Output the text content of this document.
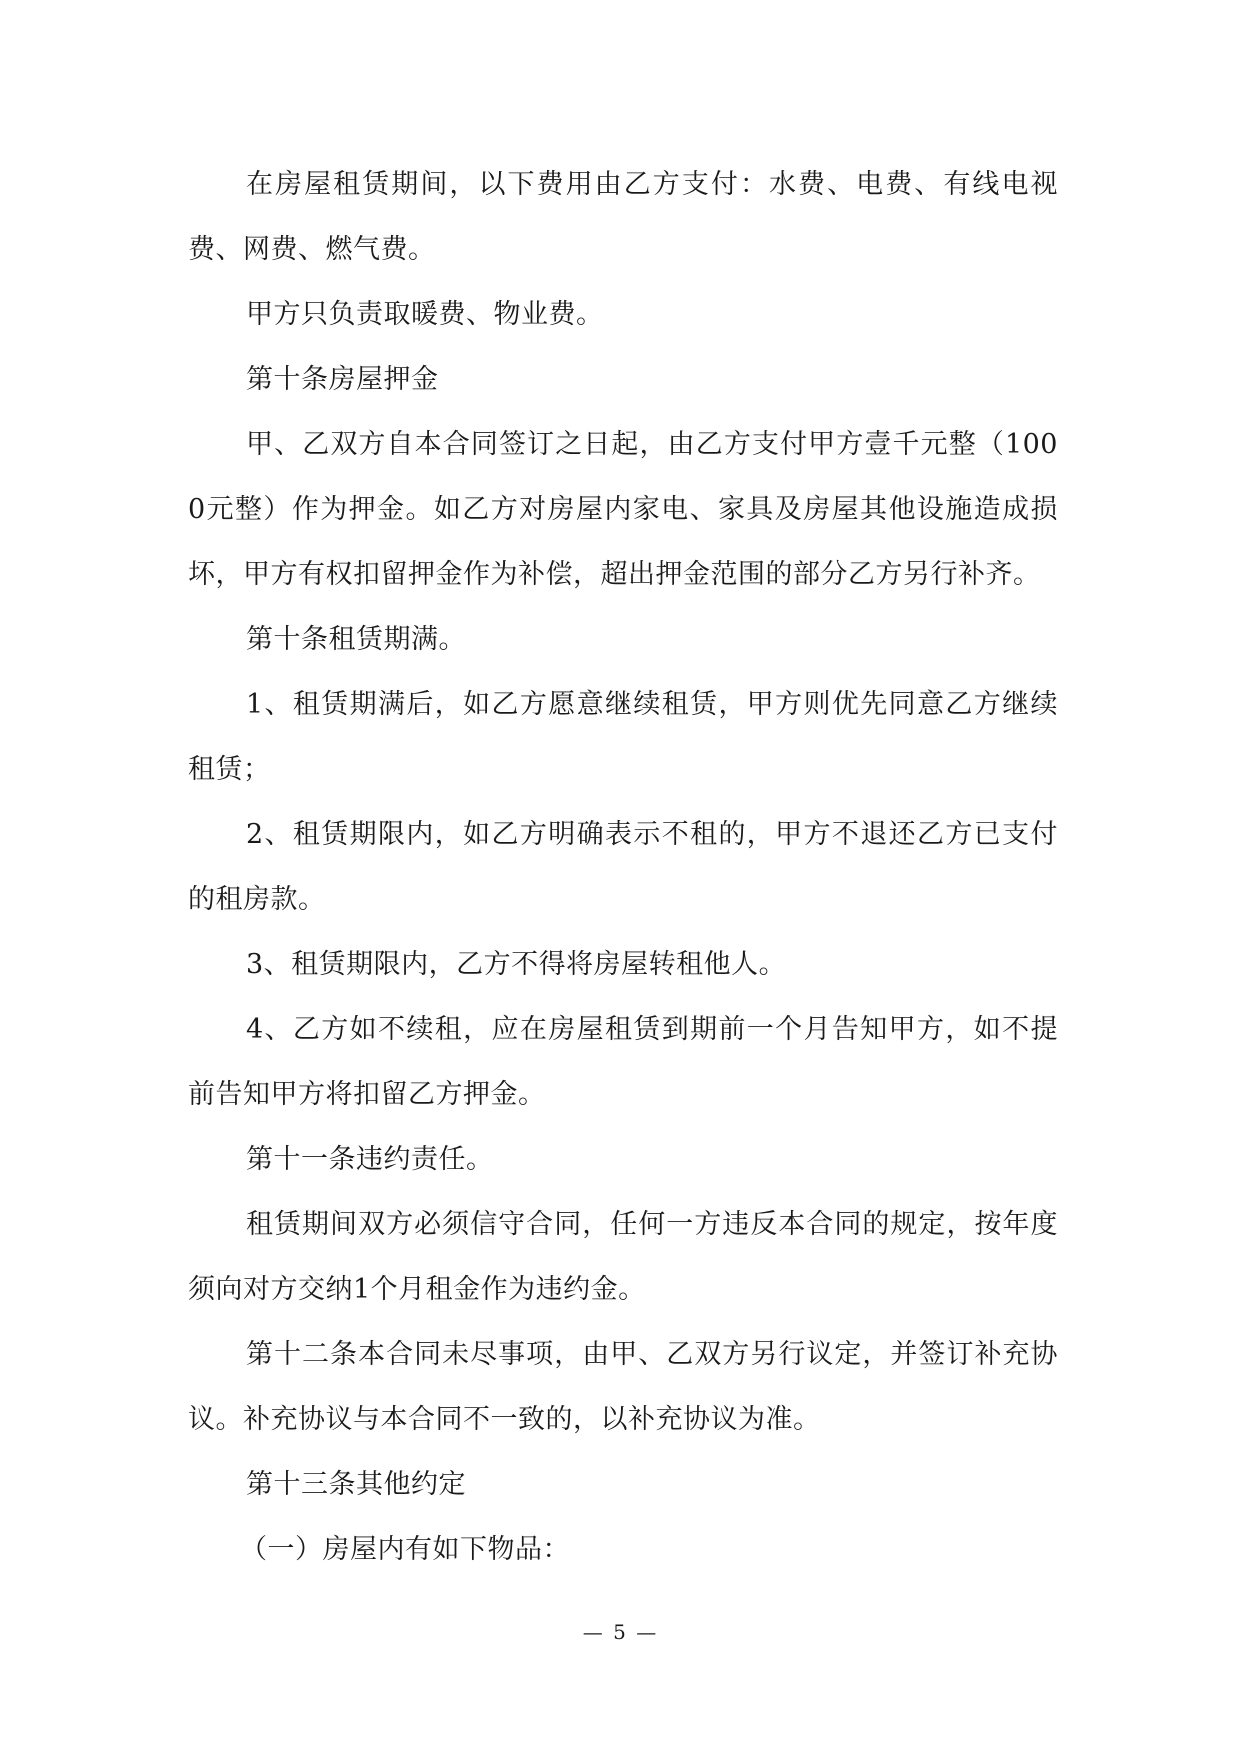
在房屋租赁期间，以下费用由乙方支付：水费、电费、有线电视费、网费、燃气费。

甲方只负责取暖费、物业费。

第十条房屋押金

甲、乙双方自本合同签订之日起，由乙方支付甲方壹千元整（1000元整）作为押金。如乙方对房屋内家电、家具及房屋其他设施造成损坏，甲方有权扣留押金作为补偿，超出押金范围的部分乙方另行补齐。

第十条租赁期满。

1、租赁期满后，如乙方愿意继续租赁，甲方则优先同意乙方继续租赁；

2、租赁期限内，如乙方明确表示不租的，甲方不退还乙方已支付的租房款。

3、租赁期限内，乙方不得将房屋转租他人。

4、乙方如不续租，应在房屋租赁到期前一个月告知甲方，如不提前告知甲方将扣留乙方押金。

第十一条违约责任。

租赁期间双方必须信守合同，任何一方违反本合同的规定，按年度须向对方交纳1个月租金作为违约金。

第十二条本合同未尽事项，由甲、乙双方另行议定，并签订补充协议。补充协议与本合同不一致的，以补充协议为准。

第十三条其他约定

（一）房屋内有如下物品：

— 5 —
